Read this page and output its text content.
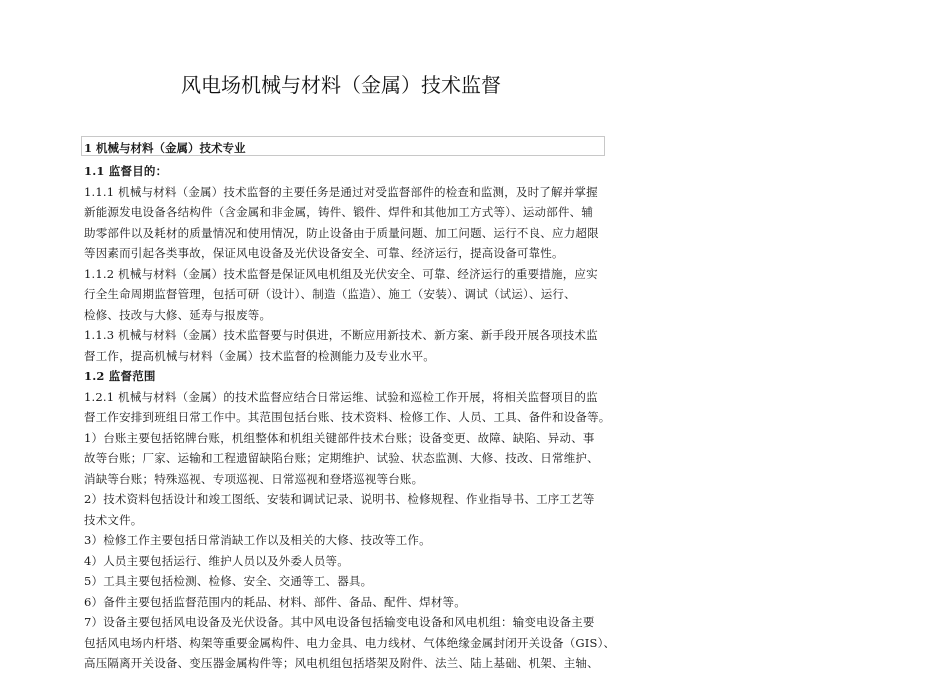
风电场机械与材料（金属）技术监督
1 机械与材料（金属）技术专业

1.1 监督目的：

1.1.1 机械与材料（金属）技术监督的主要任务是通过对受监督部件的检查和监测，及时了解并掌握

新能源发电设备各结构件（含金属和非金属，铸件、锻件、焊件和其他加工方式等）、运动部件、辅

助零部件以及耗材的质量情况和使用情况，防止设备由于质量问题、加工问题、运行不良、应力超限

等因素而引起各类事故，保证风电设备及光伏设备安全、可靠、经济运行，提高设备可靠性。

1.1.2 机械与材料（金属）技术监督是保证风电机组及光伏安全、可靠、经济运行的重要措施，应实

行全生命周期监督管理，包括可研（设计）、制造（监造）、施工（安装）、调试（试运）、运行、

检修、技改与大修、延寿与报废等。

1.1.3 机械与材料（金属）技术监督要与时俱进，不断应用新技术、新方案、新手段开展各项技术监

督工作，提高机械与材料（金属）技术监督的检测能力及专业水平。

1.2 监督范围

1.2.1 机械与材料（金属）的技术监督应结合日常运维、试验和巡检工作开展，将相关监督项目的监

督工作安排到班组日常工作中。其范围包括台账、技术资料、检修工作、人员、工具、备件和设备等。

1）台账主要包括铭牌台账，机组整体和机组关键部件技术台账；设备变更、故障、缺陷、异动、事

故等台账；厂家、运输和工程遗留缺陷台账；定期维护、试验、状态监测、大修、技改、日常维护、

消缺等台账；特殊巡视、专项巡视、日常巡视和登塔巡视等台账。

2）技术资料包括设计和竣工图纸、安装和调试记录、说明书、检修规程、作业指导书、工序工艺等

技术文件。

3）检修工作主要包括日常消缺工作以及相关的大修、技改等工作。

4）人员主要包括运行、维护人员以及外委人员等。

5）工具主要包括检测、检修、安全、交通等工、器具。

6）备件主要包括监督范围内的耗品、材料、部件、备品、配件、焊材等。

7）设备主要包括风电设备及光伏设备。其中风电设备包括输变电设备和风电机组：输变电设备主要

包括风电场内杆塔、构架等重要金属构件、电力金具、电力线材、气体绝缘金属封闭开关设备（GIS）、

高压隔离开关设备、变压器金属构件等；风电机组包括塔架及附件、法兰、陆上基础、机架、主轴、
